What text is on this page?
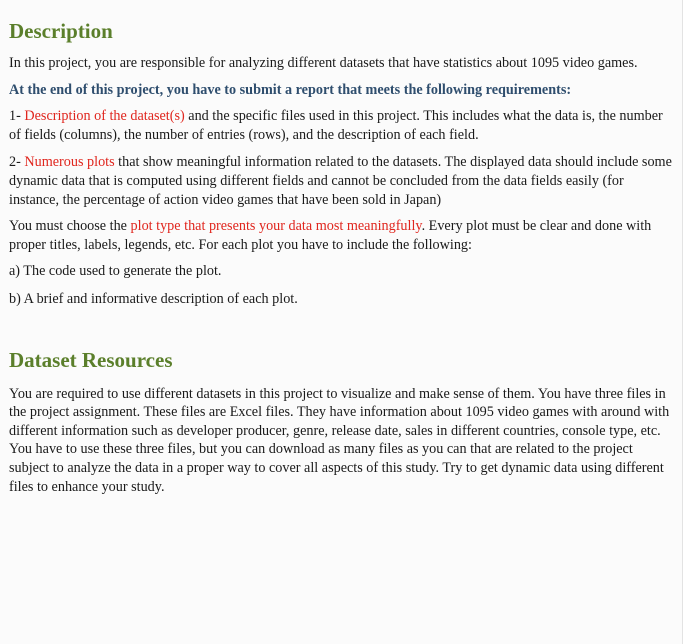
Description

In this project, you are responsible for analyzing different datasets that have statistics about 1095 video games.

At the end of this project, you have to submit a report that meets the following requirements:

1- Description of the dataset(s) and the specific files used in this project. This includes what the data is, the number of fields (columns), the number of entries (rows), and the description of each field.

2- Numerous plots that show meaningful information related to the datasets. The displayed data should include some dynamic data that is computed using different fields and cannot be concluded from the data fields easily (for instance, the percentage of action video games that have been sold in Japan)

You must choose the plot type that presents your data most meaningfully. Every plot must be clear and done with proper titles, labels, legends, etc. For each plot you have to include the following:

a) The code used to generate the plot.

b) A brief and informative description of each plot.

Dataset Resources

You are required to use different datasets in this project to visualize and make sense of them. You have three files in the project assignment. These files are Excel files. They have information about 1095 video games with around with different information such as developer producer, genre, release date, sales in different countries, console type, etc. You have to use these three files, but you can download as many files as you can that are related to the project subject to analyze the data in a proper way to cover all aspects of this study. Try to get dynamic data using different files to enhance your study.
